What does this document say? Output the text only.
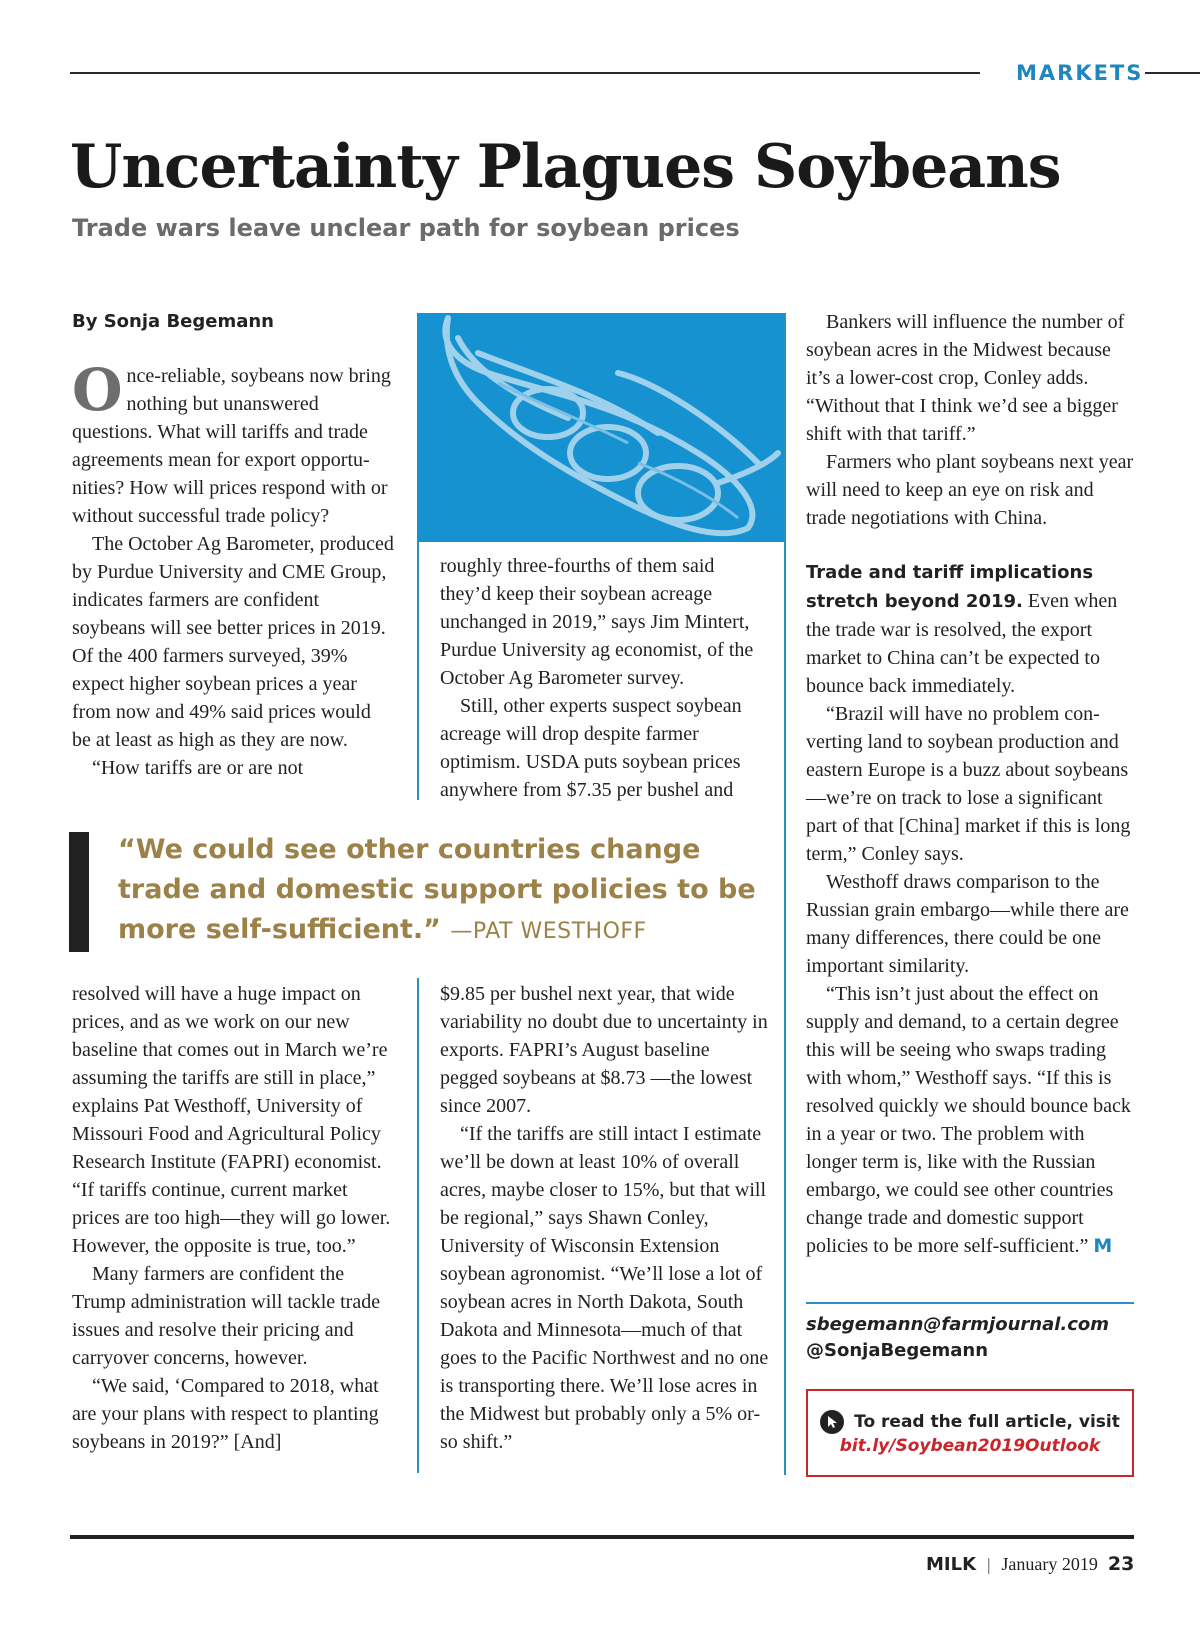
MARKETS
Uncertainty Plagues Soybeans
Trade wars leave unclear path for soybean prices
By Sonja Begemann

Once-reliable, soybeans now bring nothing but unanswered questions. What will tariffs and trade agreements mean for export opportunities? How will prices respond with or without successful trade policy?

The October Ag Barometer, produced by Purdue University and CME Group, indicates farmers are confident soybeans will see better prices in 2019. Of the 400 farmers surveyed, 39% expect higher soybean prices a year from now and 49% said prices would be at least as high as they are now.

“How tariffs are or are not

roughly three-fourths of them said they’d keep their soybean acreage unchanged in 2019,” says Jim Mintert, Purdue University ag economist, of the October Ag Barometer survey.

Still, other experts suspect soybean acreage will drop despite farmer optimism. USDA puts soybean prices anywhere from $7.35 per bushel and

Bankers will influence the number of soybean acres in the Midwest because it’s a lower-cost crop, Conley adds. “Without that I think we’d see a bigger shift with that tariff.”

Farmers who plant soybeans next year will need to keep an eye on risk and trade negotiations with China.

Trade and tariff implications stretch beyond 2019. Even when the trade war is resolved, the export market to China can’t be expected to bounce back immediately.

“Brazil will have no problem converting land to soybean production and eastern Europe is a buzz about soybeans—we’re on track to lose a significant part of that [China] market if this is long term,” Conley says.

Westhoff draws comparison to the Russian grain embargo—while there are many differences, there could be one important similarity.

“This isn’t just about the effect on supply and demand, to a certain degree this will be seeing who swaps trading with whom,” Westhoff says. “If this is resolved quickly we should bounce back in a year or two. The problem with longer term is, like with the Russian embargo, we could see other countries change trade and domestic support policies to be more self-sufficient.” M

“We could see other countries change trade and domestic support policies to be more self-sufficient.” —PAT WESTHOFF

resolved will have a huge impact on prices, and as we work on our new baseline that comes out in March we’re assuming the tariffs are still in place,” explains Pat Westhoff, University of Missouri Food and Agricultural Policy Research Institute (FAPRI) economist. “If tariffs continue, current market prices are too high—they will go lower. However, the opposite is true, too.”

Many farmers are confident the Trump administration will tackle trade issues and resolve their pricing and carryover concerns, however.

“We said, ‘Compared to 2018, what are your plans with respect to planting soybeans in 2019?” [And]

$9.85 per bushel next year, that wide variability no doubt due to uncertainty in exports. FAPRI’s August baseline pegged soybeans at $8.73 —the lowest since 2007.

“If the tariffs are still intact I estimate we’ll be down at least 10% of overall acres, maybe closer to 15%, but that will be regional,” says Shawn Conley, University of Wisconsin Extension soybean agronomist. “We’ll lose a lot of soybean acres in North Dakota, South Dakota and Minnesota—much of that goes to the Pacific Northwest and no one is transporting there. We’ll lose acres in the Midwest but probably only a 5% or-so shift.”

sbegemann@farmjournal.com
@SonjaBegemann
To read the full article, visit
bit.ly/Soybean2019Outlook
MILK | January 2019 23
